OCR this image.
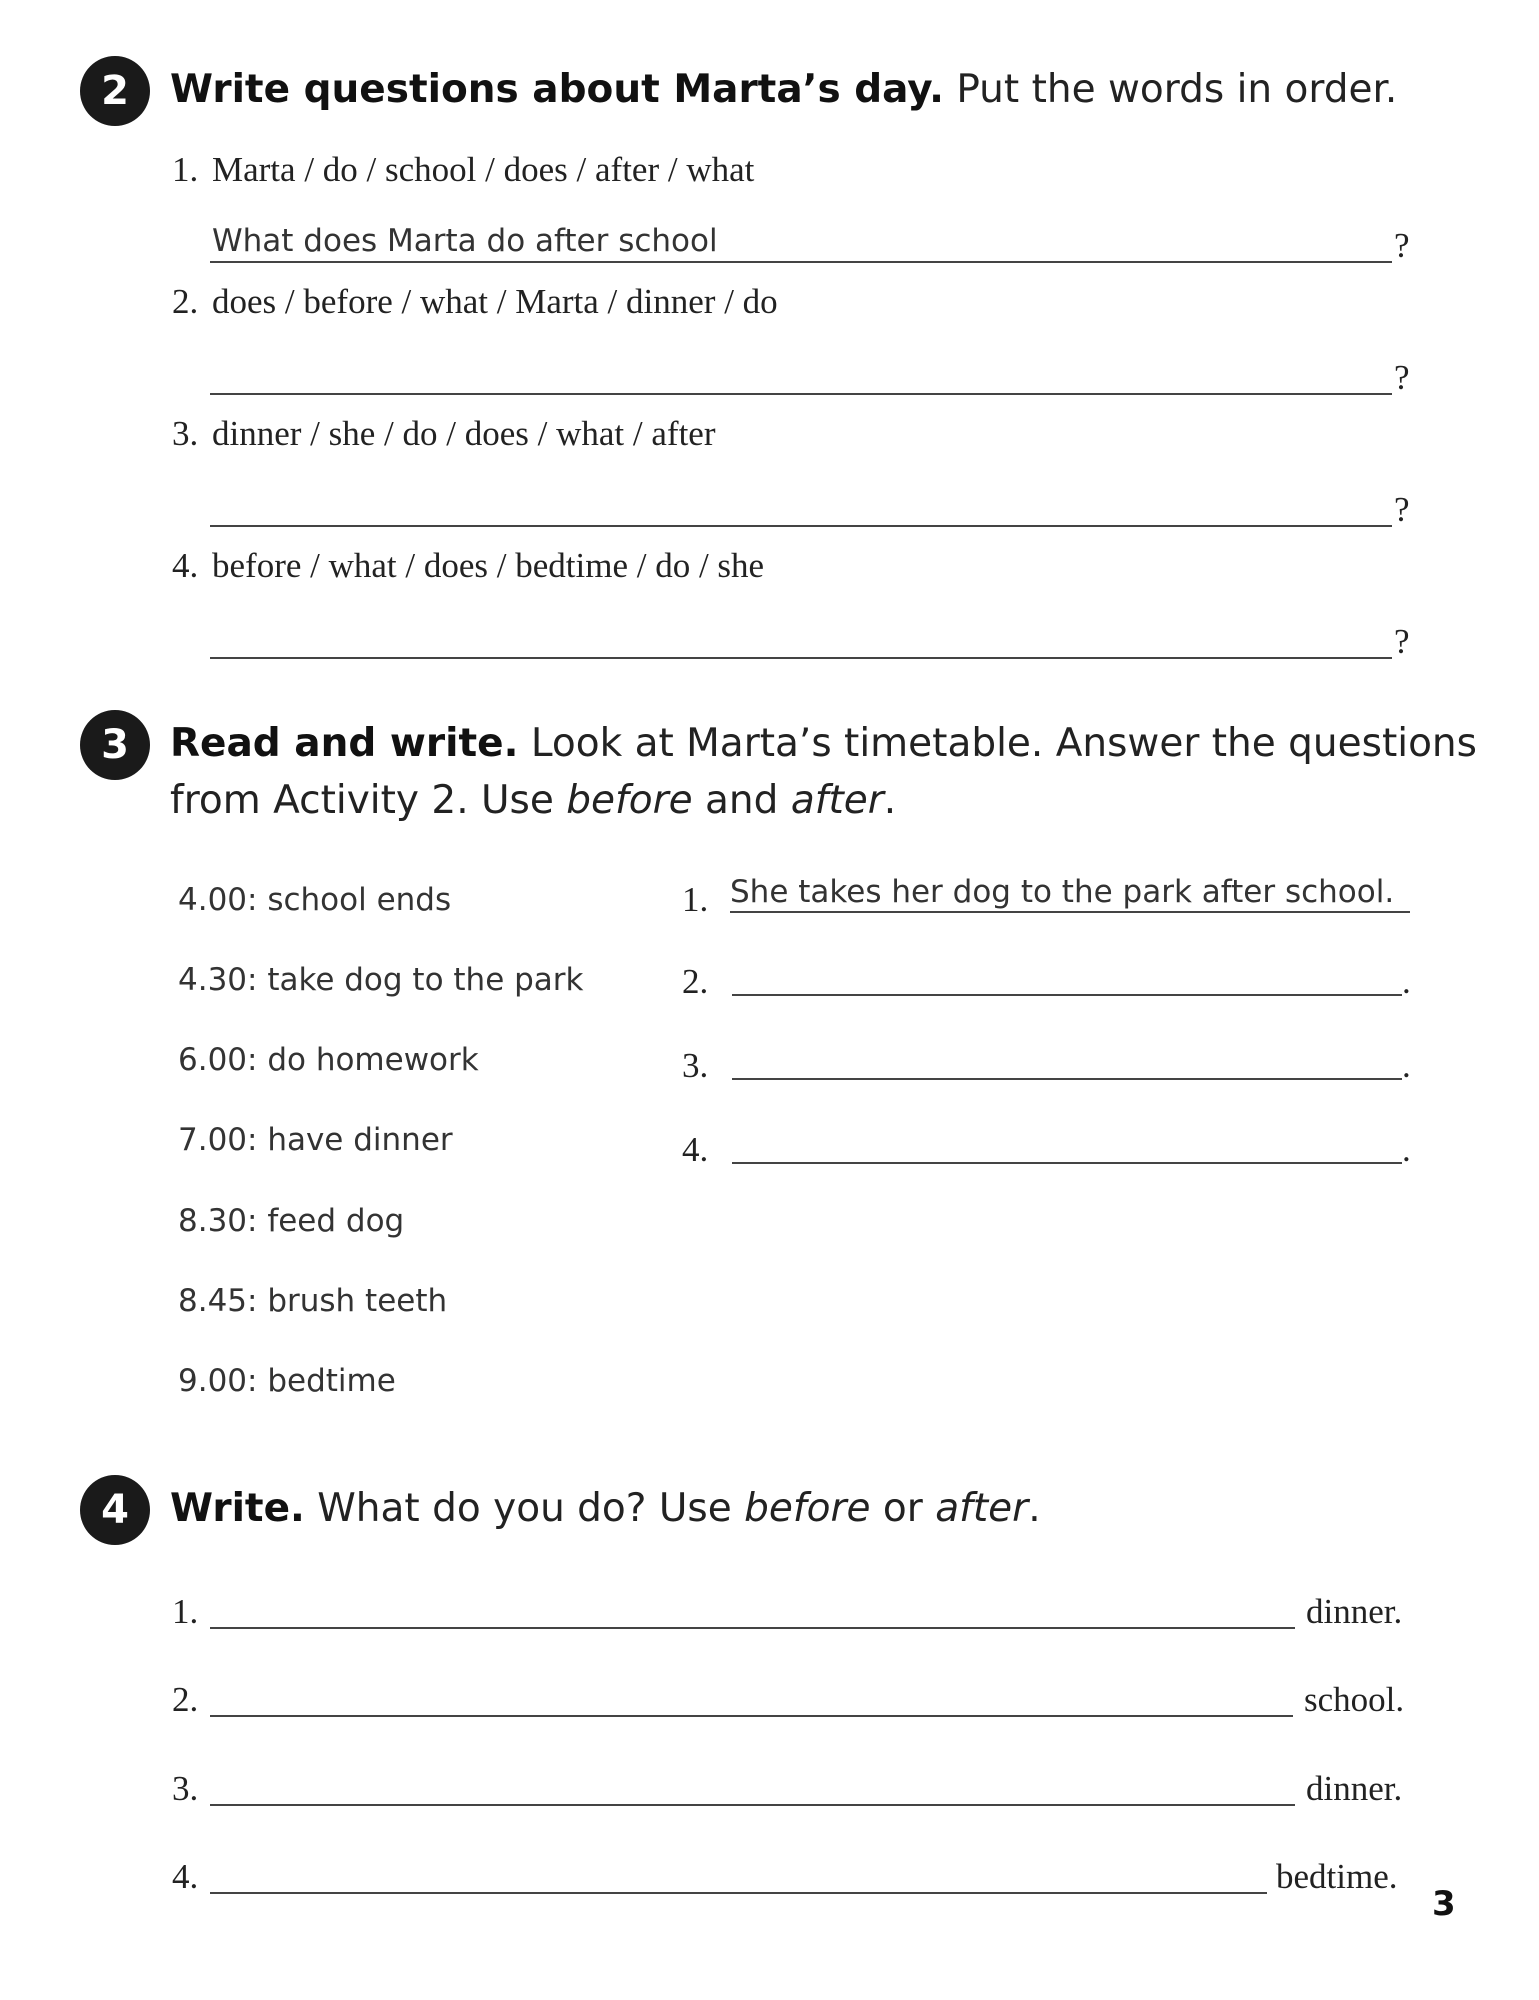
2	Write questions about Marta’s day. Put the words in order.
1. Marta / do / school / does / after / what
What does Marta do after school	?
2. does / before / what / Marta / dinner / do
?
3. dinner / she / do / does / what / after
?
4. before / what / does / bedtime / do / she
?
3	Read and write. Look at Marta’s timetable. Answer the questions
from Activity 2. Use before and after.
4.00: school ends
4.30: take dog to the park
6.00: do homework
7.00: have dinner
8.30: feed dog
8.45: brush teeth
9.00: bedtime
1. She takes her dog to the park after school.
2.	.
3.	.
4.	.
4	Write. What do you do? Use before or after.
1.	dinner.
2.	school.
3.	dinner.
4.	bedtime.
3
